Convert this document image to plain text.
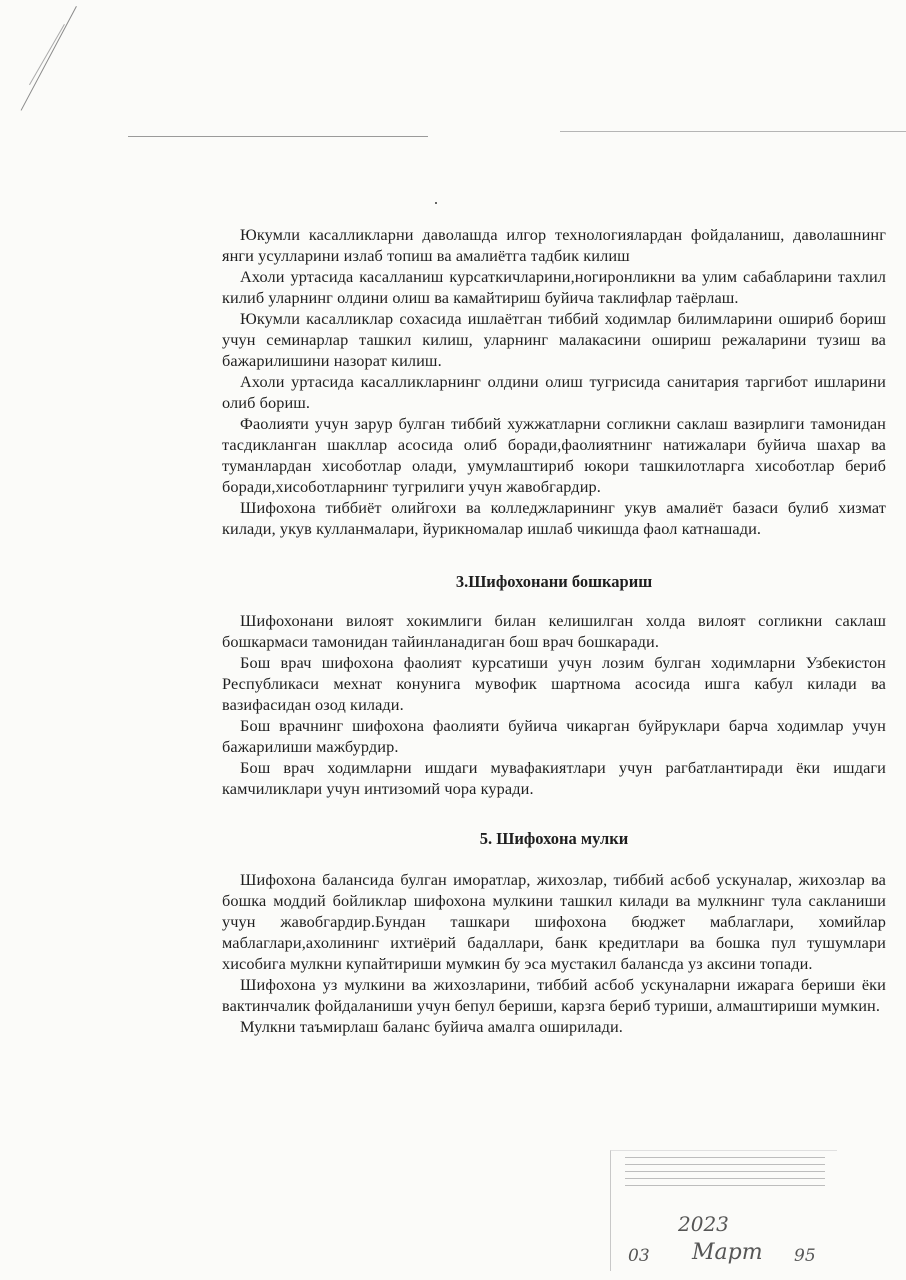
Юкумли касалликларни даволашда илгор технологиялардан фойдаланиш, даволашнинг янги усулларини излаб топиш ва амалиётга тадбик килиш

Ахоли уртасида касалланиш курсаткичларини,ногиронликни ва улим сабабларини тахлил килиб уларнинг олдини олиш ва камайтириш буйича таклифлар таёрлаш.

Юкумли касалликлар сохасида ишлаётган тиббий ходимлар билимларини ошириб бориш учун семинарлар ташкил килиш, уларнинг малакасини ошириш режаларини тузиш ва бажарилишини назорат килиш.

Ахоли уртасида касалликларнинг олдини олиш тугрисида санитария таргибот ишларини олиб бориш.

Фаолияти учун зарур булган тиббий хужжатларни согликни саклаш вазирлиги тамонидан тасдикланган шакллар асосида олиб боради,фаолиятнинг натижалари буйича шахар ва туманлардан хисоботлар олади, умумлаштириб юкори ташкилотларга хисоботлар бериб боради,хисоботларнинг тугрилиги учун жавобгардир.

Шифохона тиббиёт олийгохи ва колледжларининг укув амалиёт базаси булиб хизмат килади, укув кулланмалари, йурикномалар ишлаб чикишда фаол катнашади.

3.Шифохонани бошкариш

Шифохонани вилоят хокимлиги билан келишилган холда вилоят согликни саклаш бошкармаси тамонидан тайинланадиган бош врач бошкаради.

Бош врач шифохона фаолият курсатиши учун лозим булган ходимларни Узбекистон Республикаси мехнат конунига мувофик шартнома асосида ишга кабул килади ва вазифасидан озод килади.

Бош врачнинг шифохона фаолияти буйича чикарган буйруклари барча ходимлар учун бажарилиши мажбурдир.

Бош врач ходимларни ишдаги мувафакиятлари учун рагбатлантиради ёки ишдаги камчиликлари учун интизомий чора куради.

5. Шифохона мулки

Шифохона балансида булган иморатлар, жихозлар, тиббий асбоб ускуналар, жихозлар ва бошка моддий бойликлар шифохона мулкини ташкил килади ва мулкнинг тула сакланиши учун жавобгардир.Бундан ташкари шифохона бюджет маблаглари, хомийлар маблаглари,ахолининг ихтиёрий бадаллари, банк кредитлари ва бошка пул тушумлари хисобига мулкни купайтириши мумкин бу эса мустакил балансда уз аксини топади.

Шифохона уз мулкини ва жихозларини, тиббий асбоб ускуналарни ижарага бериши ёки вактинчалик фойдаланиши учун бепул бериши, карзга бериб туриши, алмаштириши мумкин.

Мулкни таъмирлаш баланс буйича амалга оширилади.

2023
03 Март 95
